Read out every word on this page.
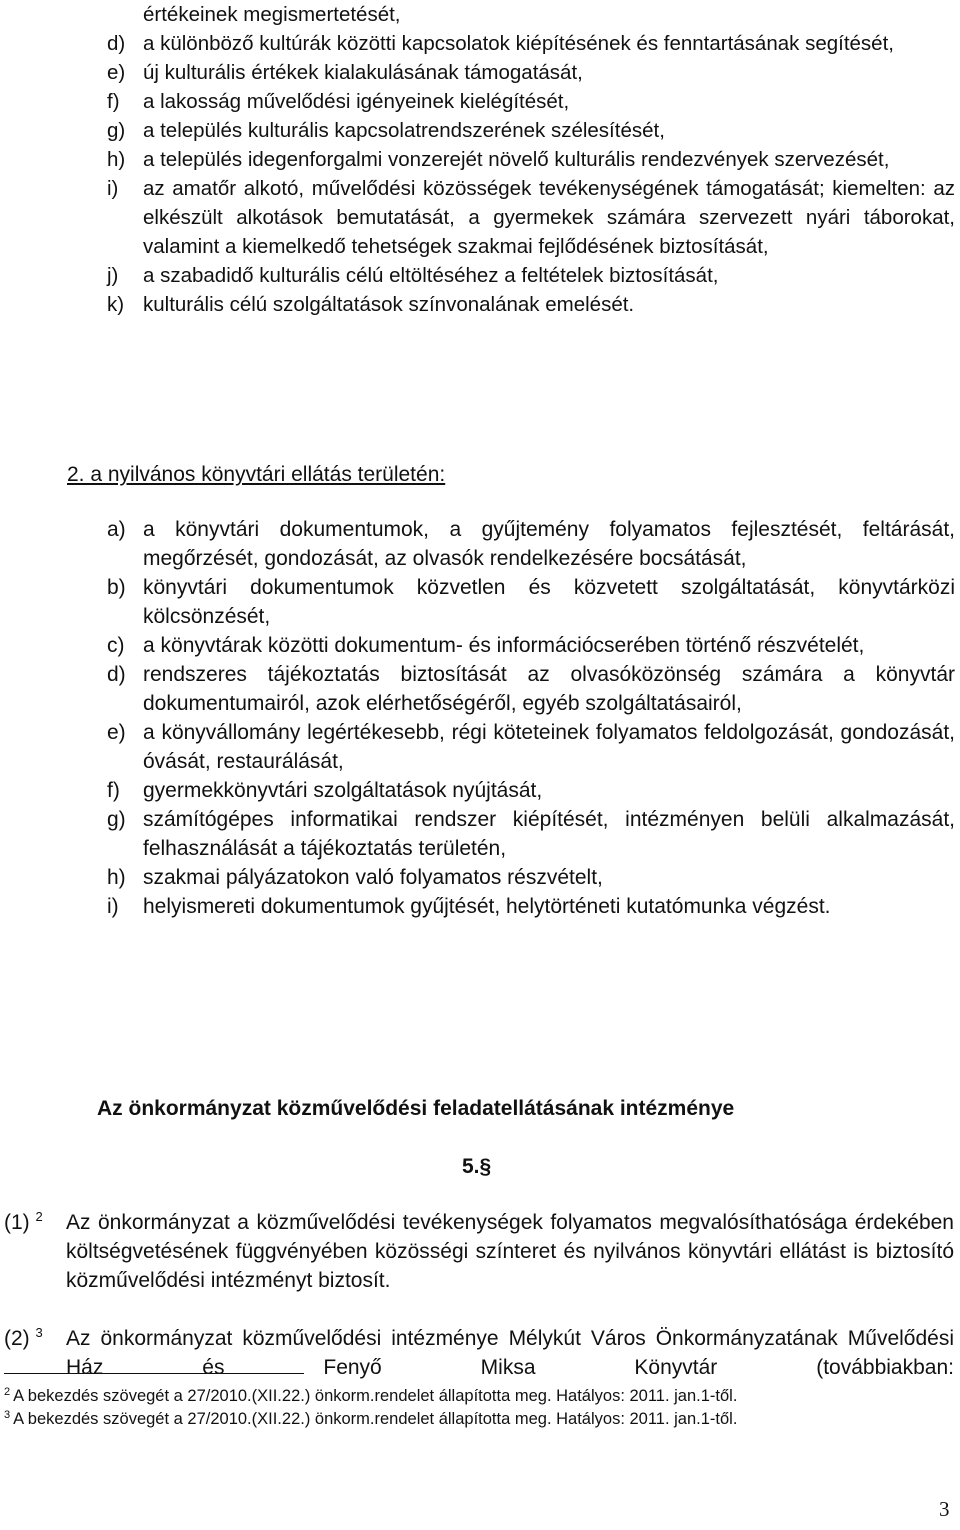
értékeinek megismertetését,
d) a különböző kultúrák közötti kapcsolatok kiépítésének és fenntartásának segítését,
e) új kulturális értékek kialakulásának támogatását,
f) a lakosság művelődési igényeinek kielégítését,
g) a település kulturális kapcsolatrendszerének szélesítését,
h) a település idegenforgalmi vonzerejét növelő kulturális rendezvények szervezését,
i) az amatőr alkotó, művelődési közösségek tevékenységének támogatását; kiemelten: az elkészült alkotások bemutatását, a gyermekek számára szervezett nyári táborokat, valamint a kiemelkedő tehetségek szakmai fejlődésének biztosítását,
j) a szabadidő kulturális célú eltöltéséhez a feltételek biztosítását,
k) kulturális célú szolgáltatások színvonalának emelését.
2. a nyilvános könyvtári ellátás területén:
a) a könyvtári dokumentumok, a gyűjtemény folyamatos fejlesztését, feltárását, megőrzését, gondozását, az olvasók rendelkezésére bocsátását,
b) könyvtári dokumentumok közvetlen és közvetett szolgáltatását, könyvtárközi kölcsönzését,
c) a könyvtárak közötti dokumentum- és információcserében történő részvételét,
d) rendszeres tájékoztatás biztosítását az olvasóközönség számára a könyvtár dokumentumairól, azok elérhetőségéről, egyéb szolgáltatásairól,
e) a könyvállomány legértékesebb, régi köteteinek folyamatos feldolgozását, gondozását, óvását, restaurálását,
f) gyermekkönyvtári szolgáltatások nyújtását,
g) számítógépes informatikai rendszer kiépítését, intézményen belüli alkalmazását, felhasználását a tájékoztatás területén,
h) szakmai pályázatokon való folyamatos részvételt,
i) helyismereti dokumentumok gyűjtését, helytörténeti kutatómunka végzést.
Az önkormányzat közművelődési feladatellátásának intézménye
5.§
(1) $^2$ Az önkormányzat a közművelődési tevékenységek folyamatos megvalósíthatósága érdekében költségvetésének függvényében közösségi színteret és nyilvános könyvtári ellátást is biztosító közművelődési intézményt biztosít.
(2) $^3$ Az önkormányzat közművelődési intézménye Mélykút Város Önkormányzatának Művelődési Ház és Fenyő Miksa Könyvtár (továbbiakban:
$^2$ A bekezdés szövegét a 27/2010.(XII.22.) önkorm.rendelet állapította meg. Hatályos: 2011. jan.1-től.
$^3$ A bekezdés szövegét a 27/2010.(XII.22.) önkorm.rendelet állapította meg. Hatályos: 2011. jan.1-től.
3
